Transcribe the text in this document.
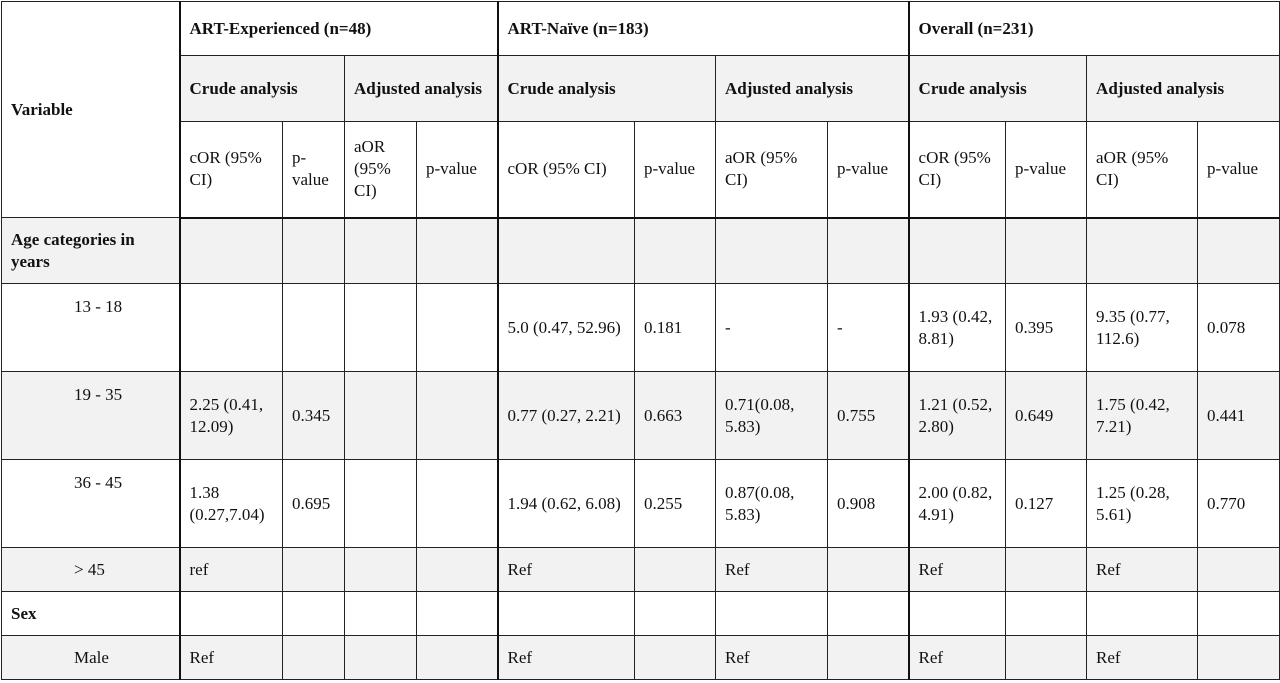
Variable	ART-Experienced (n=48)				ART-Naïve (n=183)				Overall (n=231)			
	Crude analysis		Adjusted analysis		Crude analysis		Adjusted analysis		Crude analysis		Adjusted analysis	
	cOR (95% CI)	p-value	aOR (95% CI)	p-value	cOR (95% CI)	p-value	aOR (95% CI)	p-value	cOR (95% CI)	p-value	aOR (95% CI)	p-value
Age categories in years												
13 - 18					5.0 (0.47, 52.96)	0.181	-	-	1.93 (0.42, 8.81)	0.395	9.35 (0.77, 112.6)	0.078
19 - 35	2.25 (0.41, 12.09)	0.345			0.77 (0.27, 2.21)	0.663	0.71(0.08, 5.83)	0.755	1.21 (0.52, 2.80)	0.649	1.75 (0.42, 7.21)	0.441
36 - 45	1.38 (0.27,7.04)	0.695			1.94 (0.62, 6.08)	0.255	0.87(0.08, 5.83)	0.908	2.00 (0.82, 4.91)	0.127	1.25 (0.28, 5.61)	0.770
> 45	ref				Ref		Ref		Ref		Ref	
Sex												
Male	Ref				Ref		Ref		Ref		Ref	
